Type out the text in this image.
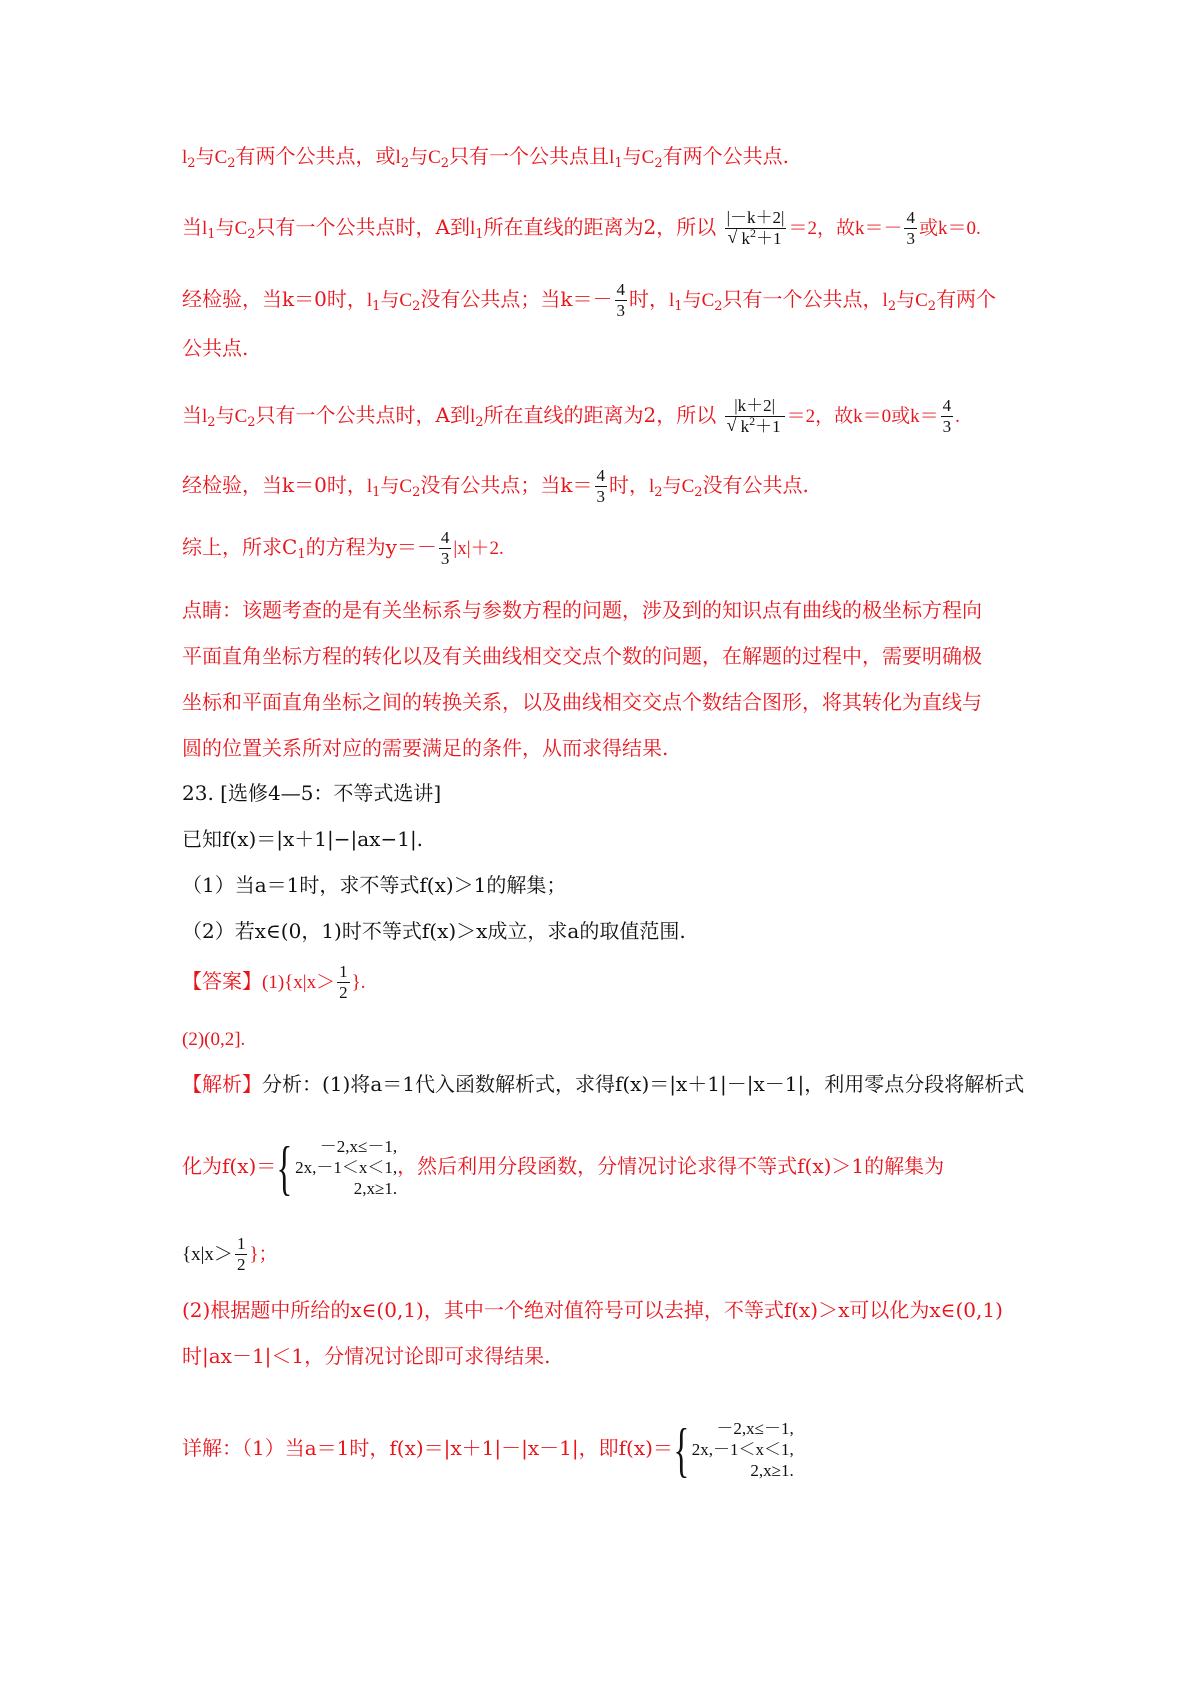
$l_2$与$C_2$有两个公共点，或$l_2$与$C_2$只有一个公共点且$l_1$与$C_2$有两个公共点.
当$l_1$与$C_2$只有一个公共点时，A到$l_1$所在直线的距离为2，所以 |－k＋2|
√ $k^2+1 =2$，故$k=- \frac{4}{3}$ 或k＝0.
经检验，当k＝0时，$l_1$与$C_2$没有公共点；当$k=- \frac{4}{3}$ 时，$l_1$与$C_2$只有一个公共点，$l_2$与$C_2$有两个
公共点.
当$l_2$与$C_2$只有一个公共点时，A到$l_2$所在直线的距离为2，所以 |k＋2|
√ $k^2+1 =2$，故k＝0或$k= \frac{4}{3}$ .
经检验，当k＝0时，$l_1$与$C_2$没有公共点；当$k= \frac{4}{3}$ 时，$l_2$与$C_2$没有公共点.
综上，所求$C_1$的方程为$y=- \frac{4}{3} |x|+2$.
点睛：该题考查的是有关坐标系与参数方程的问题，涉及到的知识点有曲线的极坐标方程向
平面直角坐标方程的转化以及有关曲线相交交点个数的问题，在解题的过程中，需要明确极
坐标和平面直角坐标之间的转换关系，以及曲线相交交点个数结合图形，将其转化为直线与
圆的位置关系所对应的需要满足的条件，从而求得结果.
23. [选修4—5：不等式选讲]
已知f(x)＝|x＋1|−|ax−1|.
（1）当a＝1时，求不等式f(x)＞1的解集；
（2）若x∈(0，1)时不等式f(x)＞x成立，求a的取值范围.
【答案】$(1)\{x|x> \frac{1}{2}$ }.
(2)(0,2].
【解析】分析：(1)将a＝1代入函数解析式，求得f(x)＝|x＋1|－|x－1|，利用零点分段将解析式
化为f(x)＝ {	－2,x≤－1,
2x,－1＜x＜1,
2,x≥1.
，然后利用分段函数，分情况讨论求得不等式f(x)＞1的解集为
{$x|x> \frac{1}{2}$ }；
(2)根据题中所给的x∈(0,1)，其中一个绝对值符号可以去掉，不等式f(x)＞x可以化为x∈(0,1)
时|ax－1|＜1，分情况讨论即可求得结果.
详解：（1）当a＝1时，f(x)＝|x＋1|－|x－1|，即f(x)＝ {	－2,x≤－1,
2x,－1＜x＜1,
2,x≥1.
